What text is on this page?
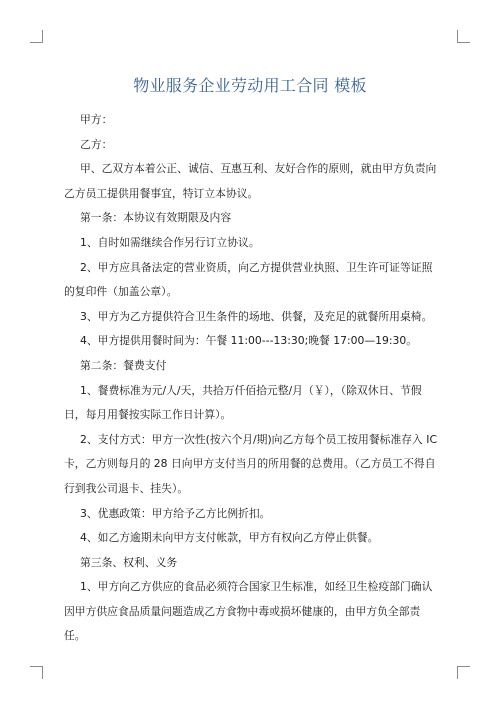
物业服务企业劳动用工合同 模板

甲方：

乙方：

甲、乙双方本着公正、诚信、互惠互利、友好合作的原则，就由甲方负责向乙方员工提供用餐事宜，特订立本协议。

第一条：本协议有效期限及内容

1、自时如需继续合作另行订立协议。

2、甲方应具备法定的营业资质，向乙方提供营业执照、卫生许可证等证照的复印件（加盖公章）。

3、甲方为乙方提供符合卫生条件的场地、供餐，及充足的就餐所用桌椅。

4、甲方提供用餐时间为：午餐 11:00---13:30;晚餐 17:00—19:30。

第二条：餐费支付

1、餐费标准为元/人/天，共拾万仟佰拾元整/月（￥），（除双休日、节假日，每月用餐按实际工作日计算）。

2、支付方式：甲方一次性(按六个月/期)向乙方每个员工按用餐标准存入 IC 卡，乙方则每月的 28 日向甲方支付当月的所用餐的总费用。（乙方员工不得自行到我公司退卡、挂失）。

3、优惠政策：甲方给予乙方比例折扣。

4、如乙方逾期未向甲方支付帐款，甲方有权向乙方停止供餐。

第三条、权利、义务

1、甲方向乙方供应的食品必须符合国家卫生标准，如经卫生检疫部门确认因甲方供应食品质量问题造成乙方食物中毒或损坏健康的，由甲方负全部责任。
